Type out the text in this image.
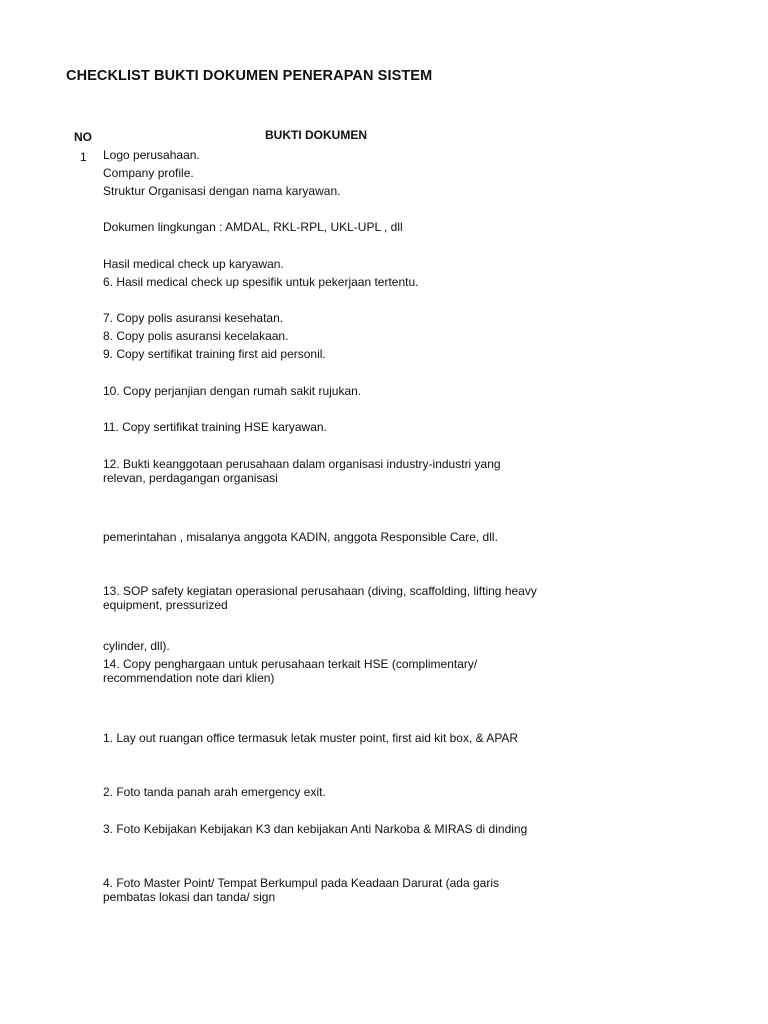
CHECKLIST BUKTI DOKUMEN PENERAPAN SISTEM
NO	BUKTI DOKUMEN
1 Logo perusahaan.
Company profile.
Struktur Organisasi dengan nama karyawan.
Dokumen lingkungan : AMDAL, RKL-RPL, UKL-UPL , dll
Hasil medical check up karyawan.
6. Hasil medical check up spesifik untuk pekerjaan tertentu.
7. Copy polis asuransi kesehatan.
8. Copy polis asuransi kecelakaan.
9. Copy sertifikat training first aid personil.
10. Copy perjanjian dengan rumah sakit rujukan.
11. Copy sertifikat training HSE karyawan.
12. Bukti keanggotaan perusahaan dalam organisasi industry-industri yang relevan, perdagangan organisasi
pemerintahan , misalanya anggota KADIN, anggota Responsible Care, dll.
13. SOP safety kegiatan operasional perusahaan (diving, scaffolding, lifting heavy equipment, pressurized
cylinder, dll).
14. Copy penghargaan untuk perusahaan terkait HSE (complimentary/ recommendation note dari klien)
1. Lay out ruangan office termasuk letak muster point, first aid kit box, & APAR
2. Foto tanda panah arah emergency exit.
3. Foto Kebijakan Kebijakan K3 dan kebijakan Anti Narkoba & MIRAS di dinding
4. Foto Master Point/ Tempat Berkumpul pada Keadaan Darurat (ada garis pembatas lokasi dan tanda/ sign
